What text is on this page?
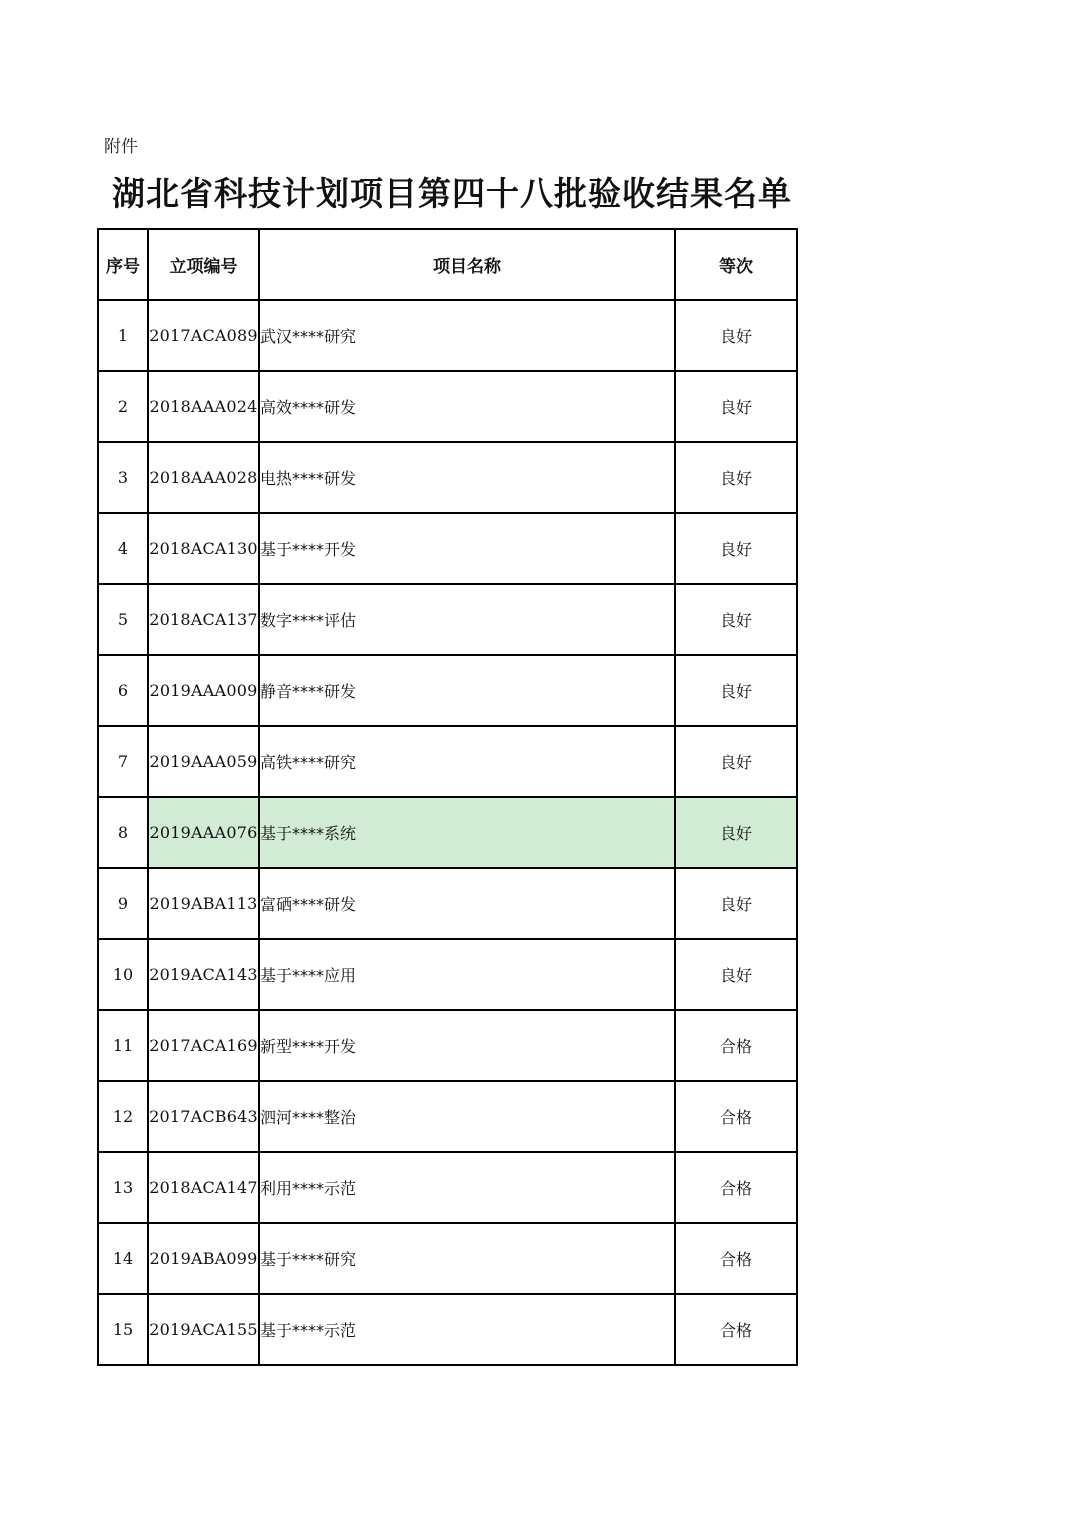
附件
湖北省科技计划项目第四十八批验收结果名单
序号	立项编号	项目名称	等次
1	2017ACA089	武汉****研究	良好
2	2018AAA024	高效****研发	良好
3	2018AAA028	电热****研发	良好
4	2018ACA130	基于****开发	良好
5	2018ACA137	数字****评估	良好
6	2019AAA009	静音****研发	良好
7	2019AAA059	高铁****研究	良好
8	2019AAA076	基于****系统	良好
9	2019ABA113	富硒****研发	良好
10	2019ACA143	基于****应用	良好
11	2017ACA169	新型****开发	合格
12	2017ACB643	泗河****整治	合格
13	2018ACA147	利用****示范	合格
14	2019ABA099	基于****研究	合格
15	2019ACA155	基于****示范	合格
